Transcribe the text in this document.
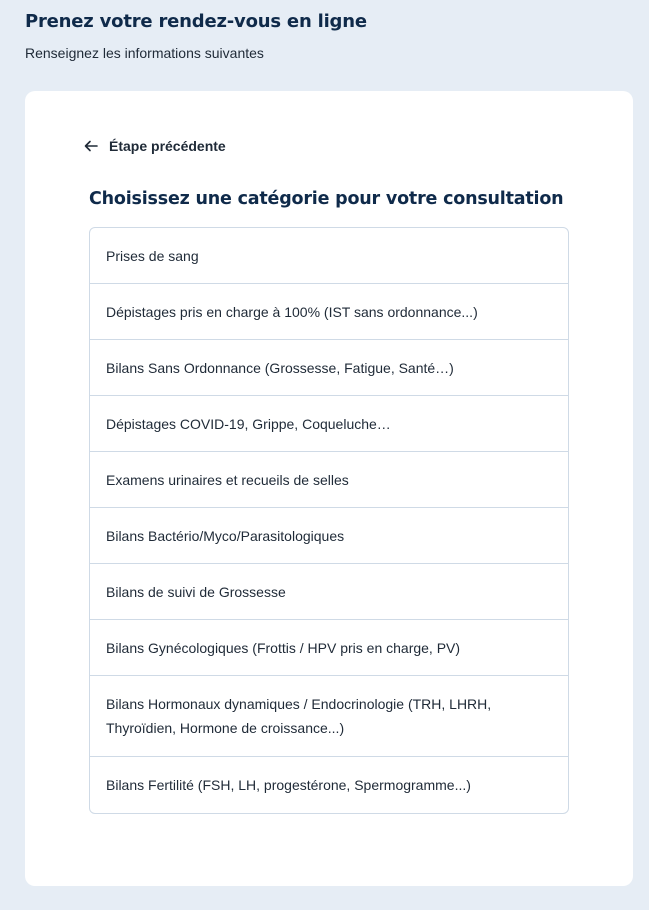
Prenez votre rendez-vous en ligne

Renseignez les informations suivantes

Étape précédente
Choisissez une catégorie pour votre consultation
Prises de sang
Dépistages pris en charge à 100% (IST sans ordonnance...)
Bilans Sans Ordonnance (Grossesse, Fatigue, Santé…)
Dépistages COVID-19, Grippe, Coqueluche…
Examens urinaires et recueils de selles
Bilans Bactério/Myco/Parasitologiques
Bilans de suivi de Grossesse
Bilans Gynécologiques (Frottis / HPV pris en charge, PV)
Bilans Hormonaux dynamiques / Endocrinologie (TRH, LHRH, Thyroïdien, Hormone de croissance...)
Bilans Fertilité (FSH, LH, progestérone, Spermogramme...)
